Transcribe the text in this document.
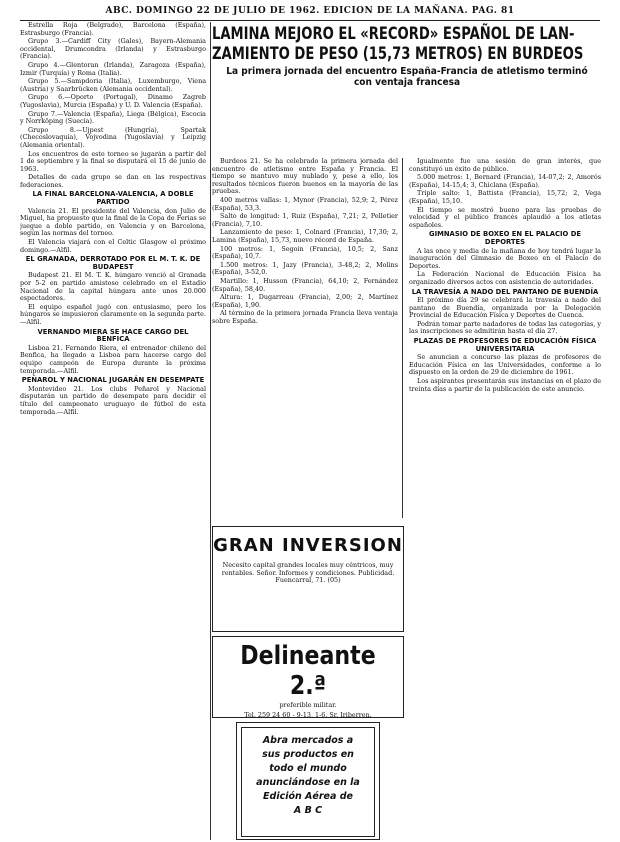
ABC. DOMINGO 22 DE JULIO DE 1962. EDICION DE LA MAÑANA. PAG. 81

Estrella Roja (Belgrado), Barcelona (España), Estrasburgo (Francia).

Grupo 3.—Cardiff City (Gales), Bayern-Alemania occidental, Drumcondra (Irlanda) y Estrasburgo (Francia).

Grupo 4.—Glentoran (Irlanda), Zaragoza (España), Izmir (Turquía) y Roma (Italia).

Grupo 5.—Sampdoria (Italia), Luxemburgo, Viena (Austria) y Saarbrücken (Alemania occidental).

Grupo 6.—Oporto (Portugal), Dinamo Zagreb (Yugoslavia), Murcia (España) y U. D. Valencia (España).

Grupo 7.—Valencia (España), Liega (Bélgica), Escocia y Norrköping (Suecia).

Grupo 8.—Ujpest (Hungría), Spartak (Checoslovaquia), Vojvodina (Yugoslavia) y Leipzig (Alemania oriental).

Los encuentros de este torneo se jugarán a partir del 1 de septiembre y la final se disputará el 15 de junio de 1963.

Detalles de cada grupo se dan en las respectivas federaciones.

LA FINAL BARCELONA-VALENCIA, A DOBLE PARTIDO

Valencia 21. El presidente del Valencia, don Julio de Miguel, ha propuesto que la final de la Copa de Ferias se juegue a doble partido, en Valencia y en Barcelona, según las normas del torneo.

El Valencia viajará con el Celtic Glasgow el próximo domingo.—Alfil.

EL GRANADA, DERROTADO POR EL M. T. K. DE BUDAPEST

Budapest 21. El M. T. K. húngaro venció al Granada por 5-2 en partido amistoso celebrado en el Estadio Nacional de la capital húngara ante unos 20.000 espectadores.

El equipo español jugó con entusiasmo, pero los húngaros se impusieron claramente en la segunda parte.—Alfil.

VERNANDO MIERA SE HACE CARGO DEL BENFICA

Lisboa 21. Fernando Riera, el entrenador chileno del Benfica, ha llegado a Lisboa para hacerse cargo del equipo campeón de Europa durante la próxima temporada.—Alfil.

PEÑAROL Y NACIONAL JUGARÁN EN DESEMPATE

Montevideo 21. Los clubs Peñarol y Nacional disputarán un partido de desempate para decidir el título del campeonato uruguayo de fútbol de esta temporada.—Alfil.

LAMINA MEJORO EL «RECORD» ESPAÑOL DE LAN-
ZAMIENTO DE PESO (15,73 METROS) EN BURDEOS
La primera jornada del encuentro España-Francia de atletismo terminó con ventaja francesa

Burdeos 21. Se ha celebrado la primera jornada del encuentro de atletismo entre España y Francia. El tiempo se mantuvo muy nublado y, pese a ello, los resultados técnicos fueron buenos en la mayoría de las pruebas.

400 metros vallas: 1, Mynor (Francia), 52,9; 2, Pérez (España), 53,3.

Salto de longitud: 1, Ruiz (España), 7,21; 2, Pelletier (Francia), 7,10.

Lanzamiento de peso: 1, Colnard (Francia), 17,30; 2, Lamina (España), 15,73, nuevo récord de España.

100 metros: 1, Segoin (Francia), 10,5; 2, Sanz (España), 10,7.

1.500 metros: 1, Jazy (Francia), 3-48,2; 2, Molins (España), 3-52,0.

Martillo: 1, Husson (Francia), 64,10; 2, Fernández (España), 58,40.

Altura: 1, Dugarreau (Francia), 2,00; 2, Martínez (España), 1,90.

Al término de la primera jornada Francia lleva ventaja sobre España.

Igualmente fue una sesión de gran interés, que constituyó un éxito de público.

5.000 metros: 1, Bernard (Francia), 14-07,2; 2, Amorós (España), 14-15,4; 3, Chiclana (España).

Triple salto: 1, Battista (Francia), 15,72; 2, Vega (España), 15,10.

El tiempo se mostró bueno para las pruebas de velocidad y el público francés aplaudió a los atletas españoles.

GIMNASIO DE BOXEO EN EL PALACIO DE DEPORTES

A las once y media de la mañana de hoy tendrá lugar la inauguración del Gimnasio de Boxeo en el Palacio de Deportes.

La Federación Nacional de Educación Física ha organizado diversos actos con asistencia de autoridades.

LA TRAVESÍA A NADO DEL PANTANO DE BUENDÍA

El próximo día 29 se celebrará la travesía a nado del pantano de Buendía, organizada por la Delegación Provincial de Educación Física y Deportes de Cuenca.

Podrán tomar parte nadadores de todas las categorías, y las inscripciones se admitirán hasta el día 27.

PLAZAS DE PROFESORES DE EDUCACIÓN FÍSICA UNIVERSITARIA

Se anuncian a concurso las plazas de profesores de Educación Física en las Universidades, conforme a lo dispuesto en la orden de 29 de diciembre de 1961.

Los aspirantes presentarán sus instancias en el plazo de treinta días a partir de la publicación de este anuncio.

GRAN INVERSION
Necesito capital grandes locales muy céntricos, muy rentables. Señor. Informes y condiciones. Publicidad. Fuencarral, 71. (05)
Delineante 2.ª
preferible militar.
Tel. 259 24 60 - 9-13, 1-6. Sr. Iriberren.
Abra mercados a
sus productos en
todo el mundo
anunciándose en la
Edición Aérea de
A B C
